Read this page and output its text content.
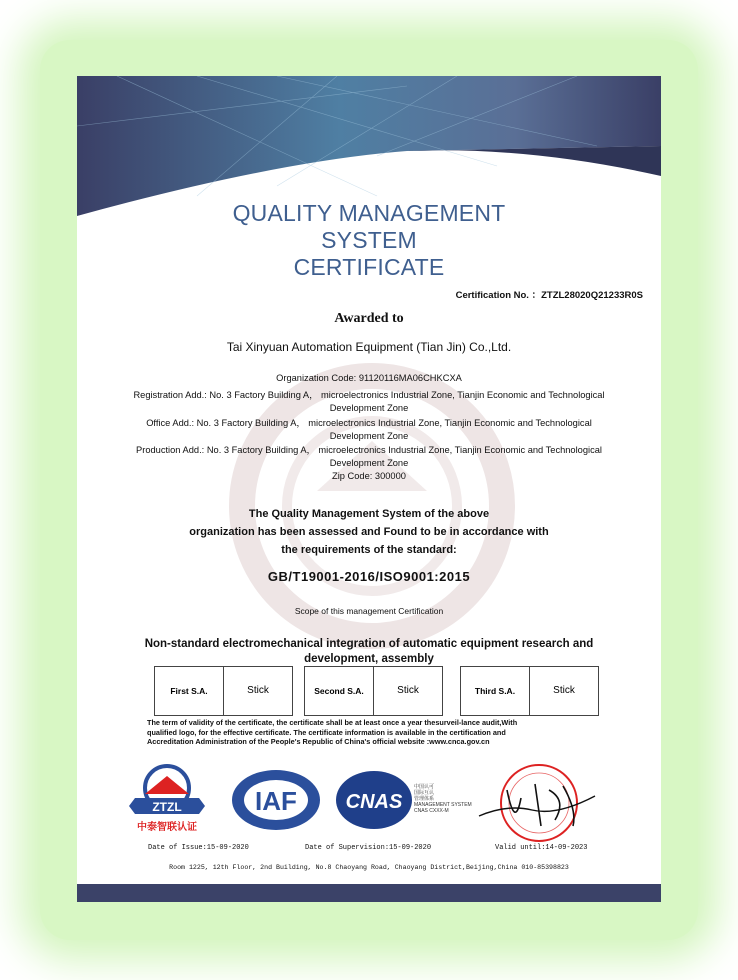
QUALITY MANAGEMENT
SYSTEM
CERTIFICATE
Certification No. ：ZTZL28020Q21233R0S
Awarded to
Tai Xinyuan Automation Equipment (Tian Jin) Co.,Ltd.
Organization Code: 91120116MA06CHKCXA
Registration Add.: No. 3 Factory Building A， microelectronics Industrial Zone, Tianjin Economic and Technological
Development Zone
Office Add.: No. 3 Factory Building A， microelectronics Industrial Zone, Tianjin Economic and Technological
Development Zone
Production Add.: No. 3 Factory Building A， microelectronics Industrial Zone, Tianjin Economic and Technological
Development Zone
Zip Code: 300000
The Quality Management System of the above
organization has been assessed and Found to be in accordance with
the requirements of the standard:
GB/T19001-2016/ISO9001:2015
Scope of this management Certification
Non-standard electromechanical integration of automatic equipment research and
development, assembly
First S.A.	Stick	Second S.A.	Stick	Third S.A.	Stick
The term of validity of the certificate, the certificate shall be at least once a year thesurveil-lance audit,With
qualified logo, for the effective certificate. The certificate information is available in the certification and
Accreditation Administration of the People's Republic of China's official website :www.cnca.gov.cn
ZTZL
中泰智联认证
IAF CNAS
中国认可
国际互认
管理体系
MANAGEMENT SYSTEM
CNAS CXXX-M
Date of Issue:15-09-2020	Date of Supervision:15-09-2020	Valid until:14-09-2023
Room 1225, 12th Floor, 2nd Building, No.8 Chaoyang Road, Chaoyang District,Beijing,China 010-85398823
